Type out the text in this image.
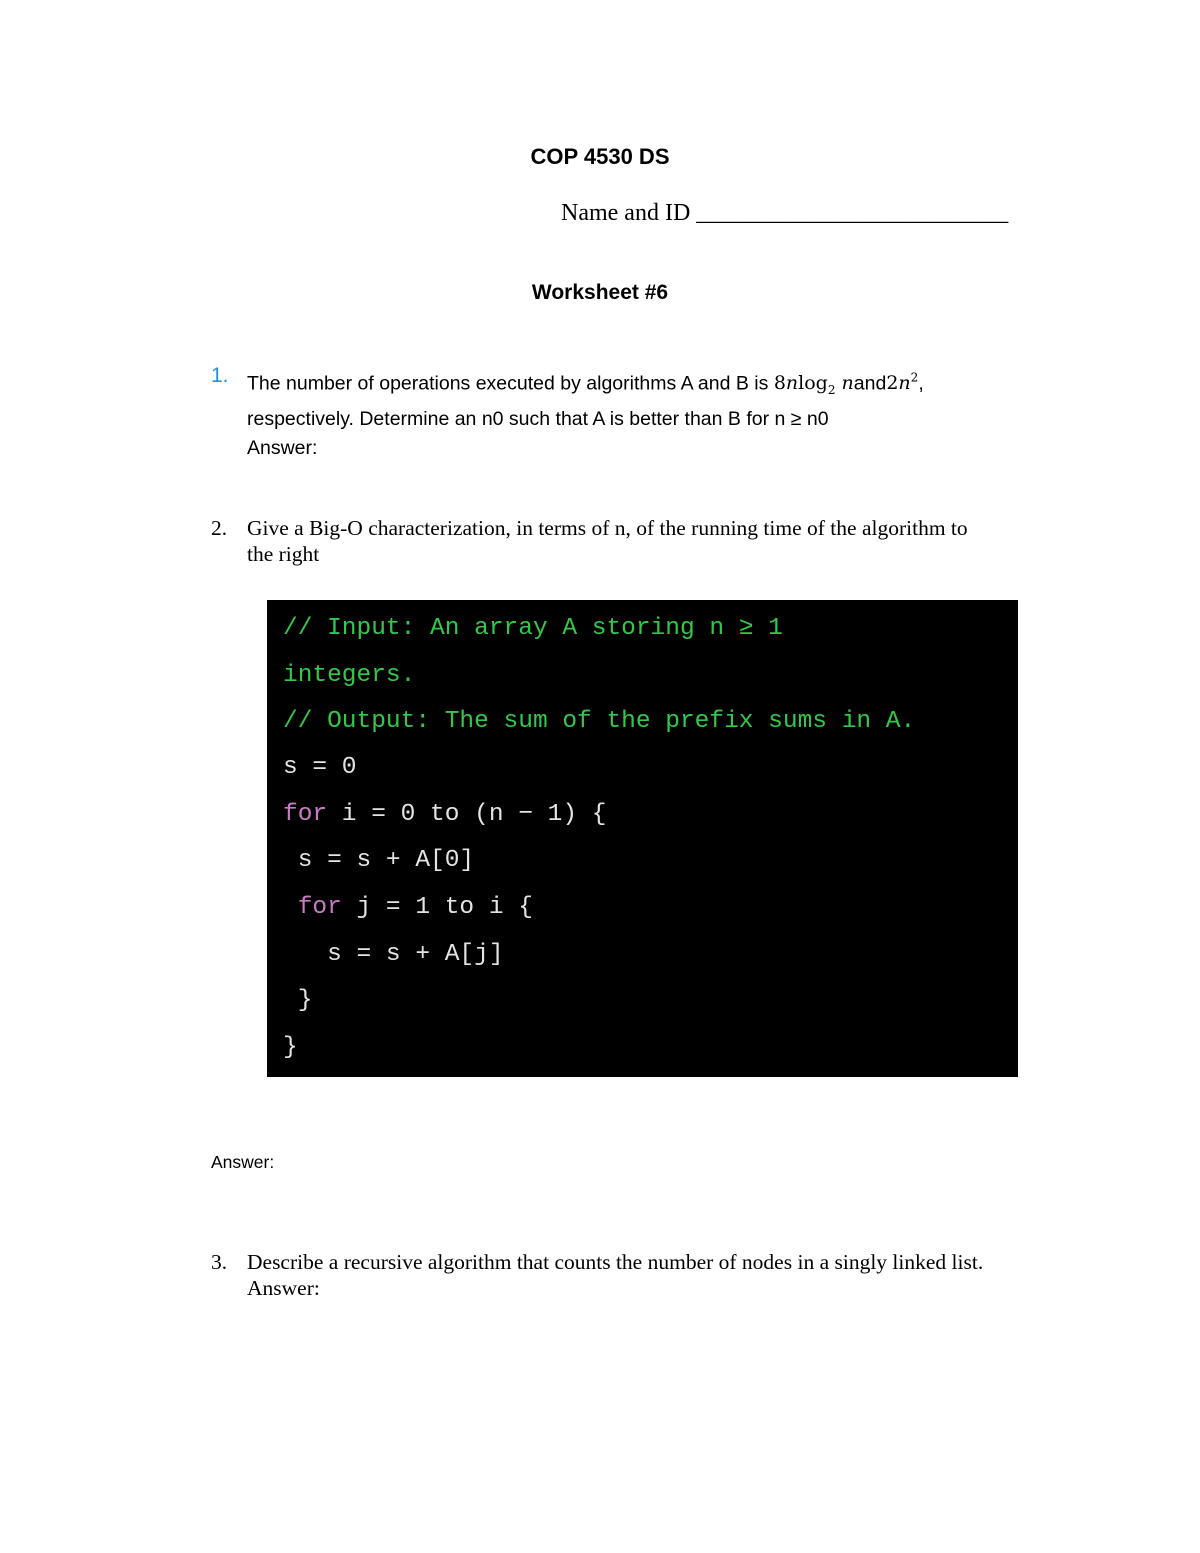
COP 4530 DS
Name and ID __________________________
Worksheet #6
1. The number of operations executed by algorithms A and B is 8nlog$_2$ $nand2n^2$,
respectively. Determine an n0 such that A is better than B for n ≥ n0
Answer:
2. Give a Big-O characterization, in terms of n, of the running time of the algorithm to
the right
// Input: An array A storing n ≥ 1
integers.
// Output: The sum of the prefix sums in A.
s = 0
for i = 0 to (n − 1) {
s = s + A[0]
for j = 1 to i {
s = s + A[j]
}
}
Answer:
3. Describe a recursive algorithm that counts the number of nodes in a singly linked list.
Answer:
